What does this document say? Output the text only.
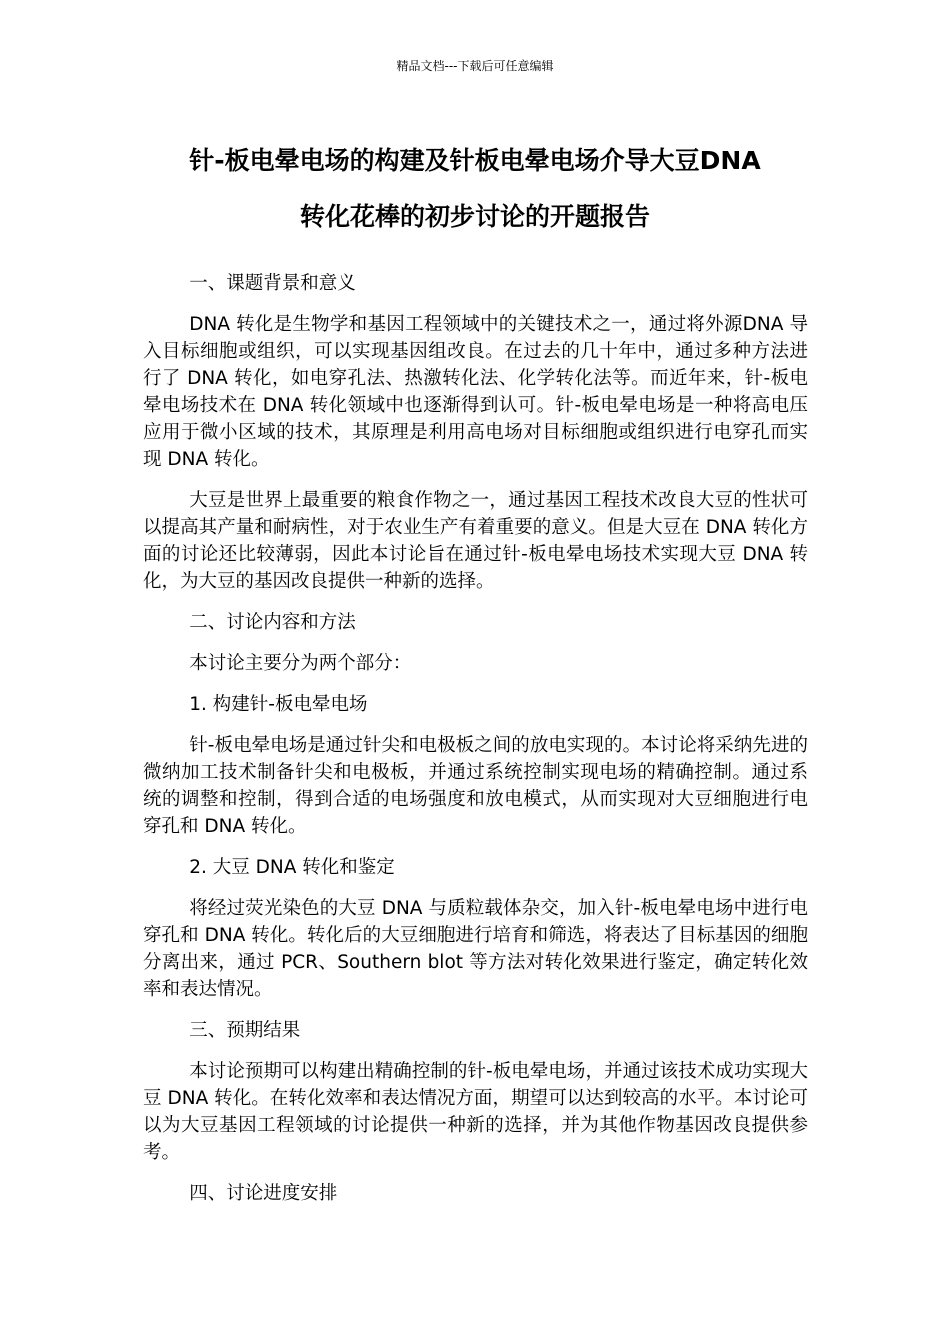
精品文档---下载后可任意编辑
针-板电晕电场的构建及针板电晕电场介导大豆DNA
转化花棒的初步讨论的开题报告

一、课题背景和意义

DNA 转化是生物学和基因工程领域中的关键技术之一，通过将外源DNA 导入目标细胞或组织，可以实现基因组改良。在过去的几十年中，通过多种方法进行了 DNA 转化，如电穿孔法、热激转化法、化学转化法等。而近年来，针-板电晕电场技术在 DNA 转化领域中也逐渐得到认可。针-板电晕电场是一种将高电压应用于微小区域的技术，其原理是利用高电场对目标细胞或组织进行电穿孔而实现 DNA 转化。

大豆是世界上最重要的粮食作物之一，通过基因工程技术改良大豆的性状可以提高其产量和耐病性，对于农业生产有着重要的意义。但是大豆在 DNA 转化方面的讨论还比较薄弱，因此本讨论旨在通过针-板电晕电场技术实现大豆 DNA 转化，为大豆的基因改良提供一种新的选择。

二、讨论内容和方法

本讨论主要分为两个部分：

1. 构建针-板电晕电场

针-板电晕电场是通过针尖和电极板之间的放电实现的。本讨论将采纳先进的微纳加工技术制备针尖和电极板，并通过系统控制实现电场的精确控制。通过系统的调整和控制，得到合适的电场强度和放电模式，从而实现对大豆细胞进行电穿孔和 DNA 转化。

2. 大豆 DNA 转化和鉴定

将经过荧光染色的大豆 DNA 与质粒载体杂交，加入针-板电晕电场中进行电穿孔和 DNA 转化。转化后的大豆细胞进行培育和筛选，将表达了目标基因的细胞分离出来，通过 PCR、Southern blot 等方法对转化效果进行鉴定，确定转化效率和表达情况。

三、预期结果

本讨论预期可以构建出精确控制的针-板电晕电场，并通过该技术成功实现大豆 DNA 转化。在转化效率和表达情况方面，期望可以达到较高的水平。本讨论可以为大豆基因工程领域的讨论提供一种新的选择，并为其他作物基因改良提供参考。

四、讨论进度安排
